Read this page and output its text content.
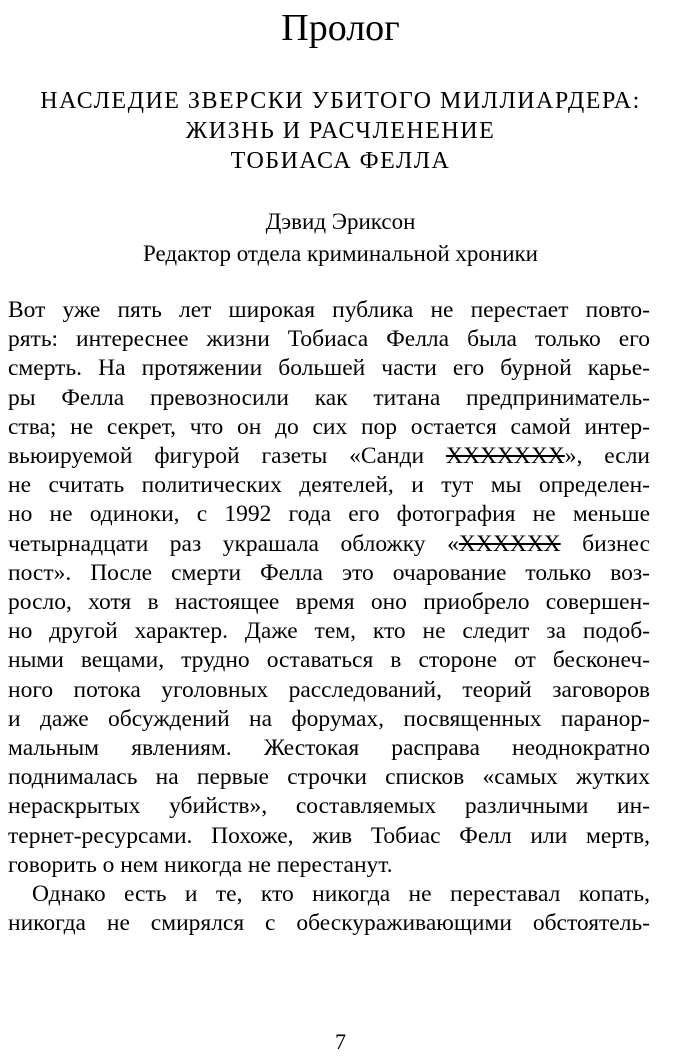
Пролог
НАСЛЕДИЕ ЗВЕРСКИ УБИТОГО МИЛЛИАРДЕРА:
ЖИЗНЬ И РАСЧЛЕНЕНИЕ
ТОБИАСА ФЕЛЛА
Дэвид Эриксон
Редактор отдела криминальной хроники
Вот уже пять лет широкая публика не перестает повто-
рять: интереснее жизни Тобиаса Фелла была только его
смерть. На протяжении большей части его бурной карье-
ры Фелла превозносили как титана предприниматель-
ства; не секрет, что он до сих пор остается самой интер-
вьюируемой фигурой газеты «Санди XXXXXXX», если
не считать политических деятелей, и тут мы определен-
но не одиноки, с 1992 года его фотография не меньше
четырнадцати раз украшала обложку «XXXXXX бизнес
пост». После смерти Фелла это очарование только воз-
росло, хотя в настоящее время оно приобрело совершен-
но другой характер. Даже тем, кто не следит за подоб-
ными вещами, трудно оставаться в стороне от бесконеч-
ного потока уголовных расследований, теорий заговоров
и даже обсуждений на форумах, посвященных паранор-
мальным явлениям. Жестокая расправа неоднократно
поднималась на первые строчки списков «самых жутких
нераскрытых убийств», составляемых различными ин-
тернет-ресурсами. Похоже, жив Тобиас Фелл или мертв,
говорить о нем никогда не перестанут.
Однако есть и те, кто никогда не переставал копать,
никогда не смирялся с обескураживающими обстоятель-
7
